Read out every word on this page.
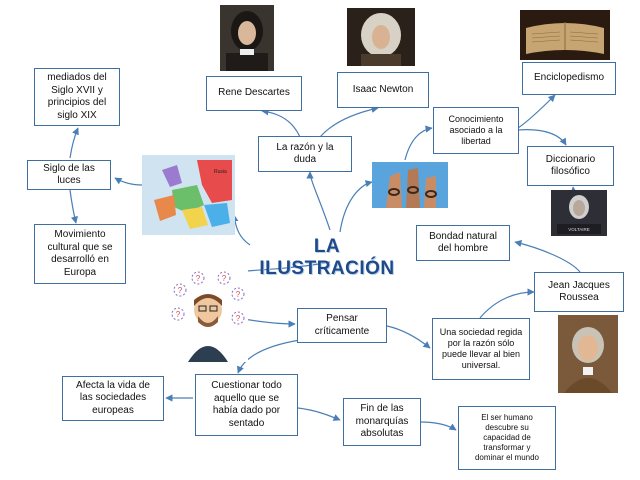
mediados del
Siglo XVII y
principios del
siglo XIX
Siglo de las
luces
Movimiento
cultural que se
desarrolló en
Europa
Rene Descartes	Isaac Newton
La razón y la
duda
Conocimiento
asociado a la
libertad
Enciclopedismo
Diccionario
filosófico
Bondad natural
del hombre
Jean Jacques
Roussea
Pensar
críticamente	Una sociedad regida
por la razón sólo
puede llevar al bien
universal.
Afecta la vida de
las sociedades
europeas
Cuestionar todo
aquello que se
había dado por
sentado
Fin de las
monarquías
absolutas
El ser humano
descubre su
capacidad de
transformar y
dominar el mundo
LA ILUSTRACIÓN
Rusia
VOLTAIRE
?
?	?
?
?	?
